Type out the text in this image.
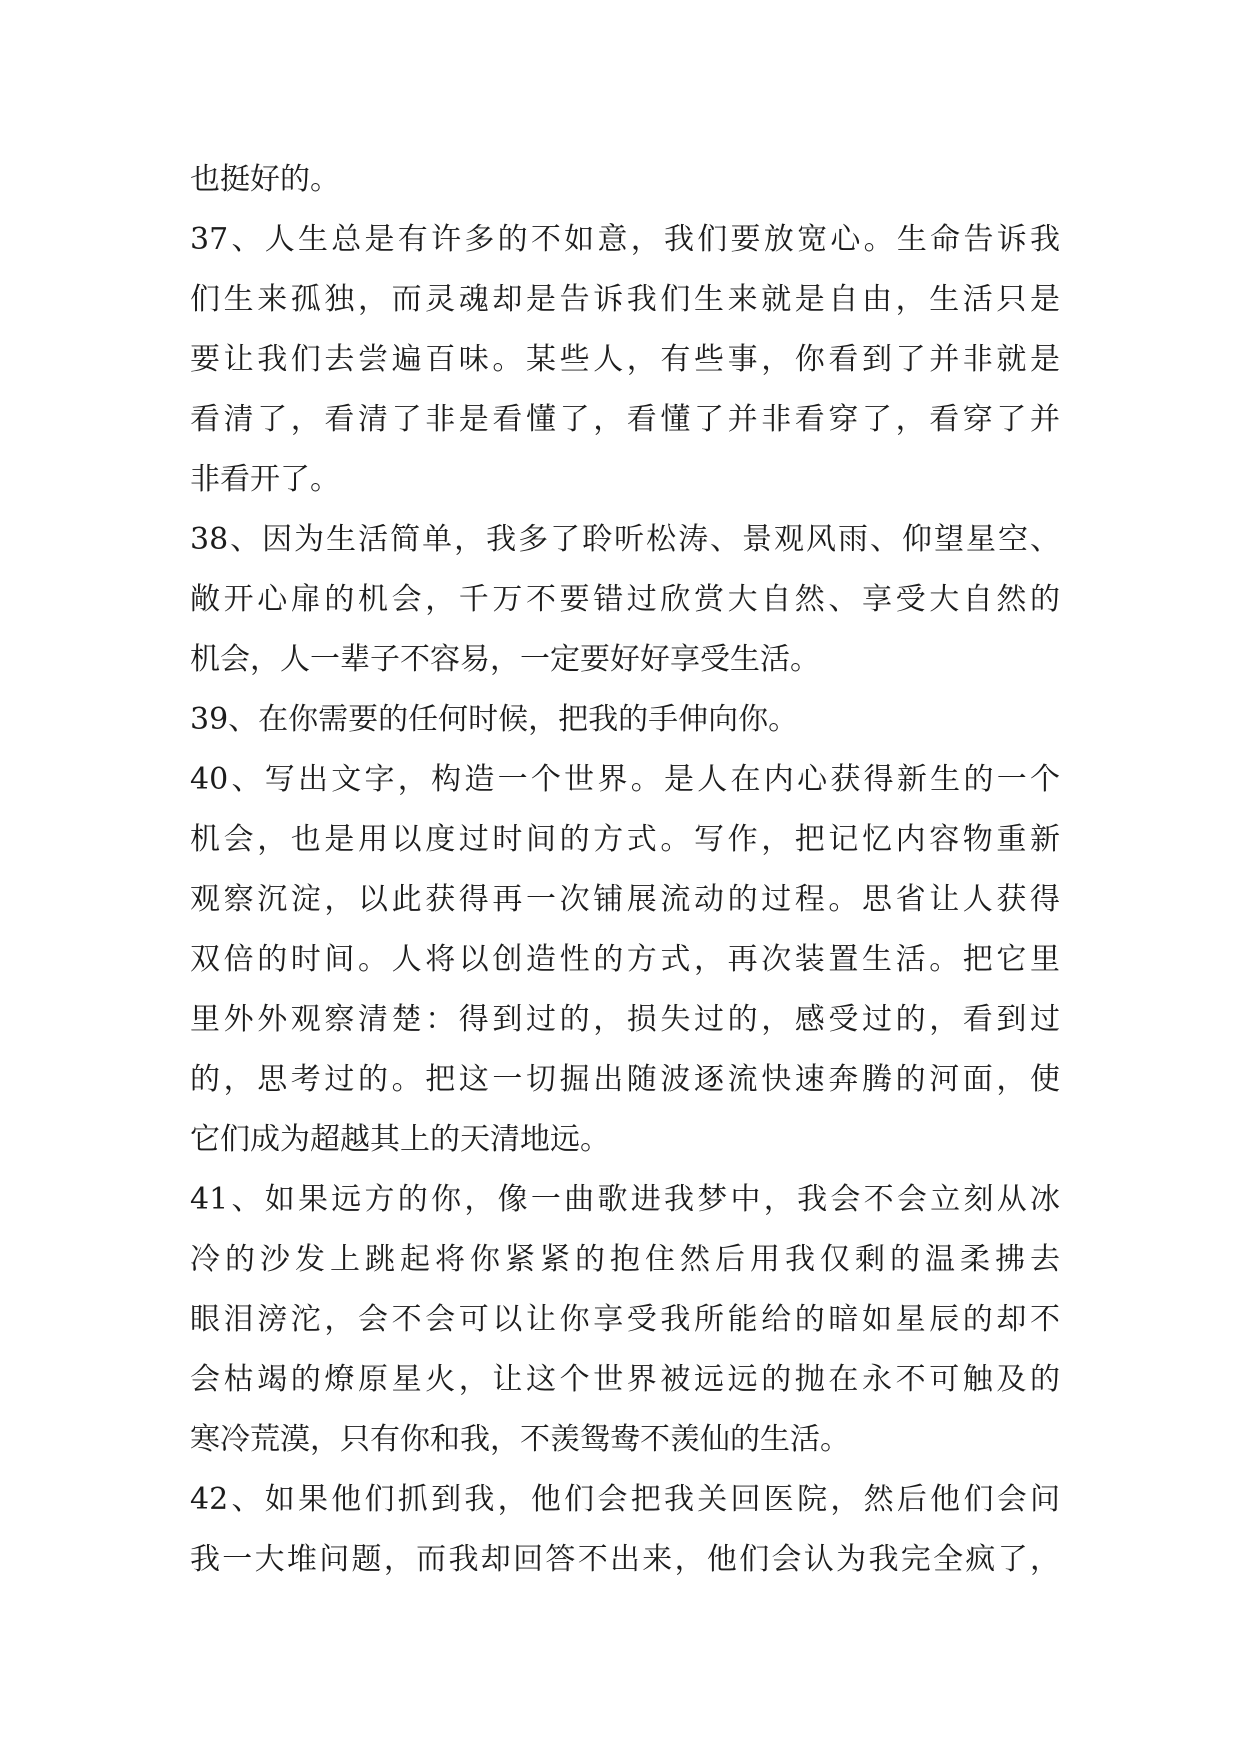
也挺好的。
37、人生总是有许多的不如意，我们要放宽心。生命告诉我
们生来孤独，而灵魂却是告诉我们生来就是自由，生活只是
要让我们去尝遍百味。某些人，有些事，你看到了并非就是
看清了，看清了非是看懂了，看懂了并非看穿了，看穿了并
非看开了。
38、因为生活简单，我多了聆听松涛、景观风雨、仰望星空、
敞开心扉的机会，千万不要错过欣赏大自然、享受大自然的
机会，人一辈子不容易，一定要好好享受生活。
39、在你需要的任何时候，把我的手伸向你。
40、写出文字，构造一个世界。是人在内心获得新生的一个
机会，也是用以度过时间的方式。写作，把记忆内容物重新
观察沉淀，以此获得再一次铺展流动的过程。思省让人获得
双倍的时间。人将以创造性的方式，再次装置生活。把它里
里外外观察清楚：得到过的，损失过的，感受过的，看到过
的，思考过的。把这一切掘出随波逐流快速奔腾的河面，使
它们成为超越其上的天清地远。
41、如果远方的你，像一曲歌进我梦中，我会不会立刻从冰
冷的沙发上跳起将你紧紧的抱住然后用我仅剩的温柔拂去
眼泪滂沱，会不会可以让你享受我所能给的暗如星辰的却不
会枯竭的燎原星火，让这个世界被远远的抛在永不可触及的
寒冷荒漠，只有你和我，不羡鸳鸯不羡仙的生活。
42、如果他们抓到我，他们会把我关回医院，然后他们会问
我一大堆问题，而我却回答不出来，他们会认为我完全疯了，
